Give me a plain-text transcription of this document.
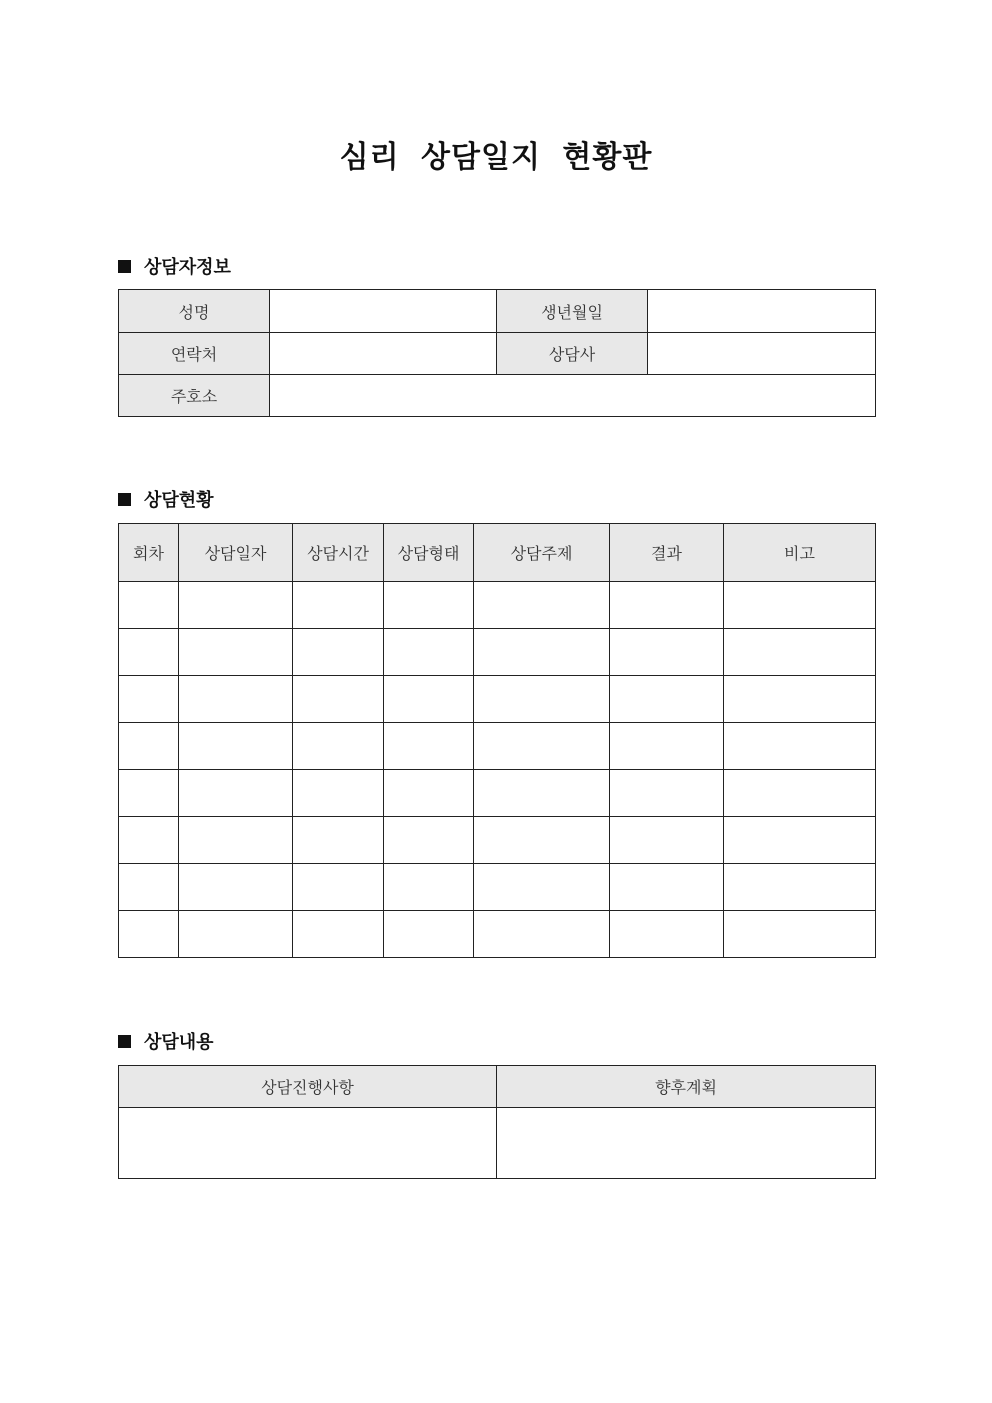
심리 상담일지 현황판
상담자정보
성명		생년월일	
연락처		상담사	
주호소			
상담현황
회차	상담일자	상담시간	상담형태	상담주제	결과	비고

상담내용
상담진행사항	향후계획
